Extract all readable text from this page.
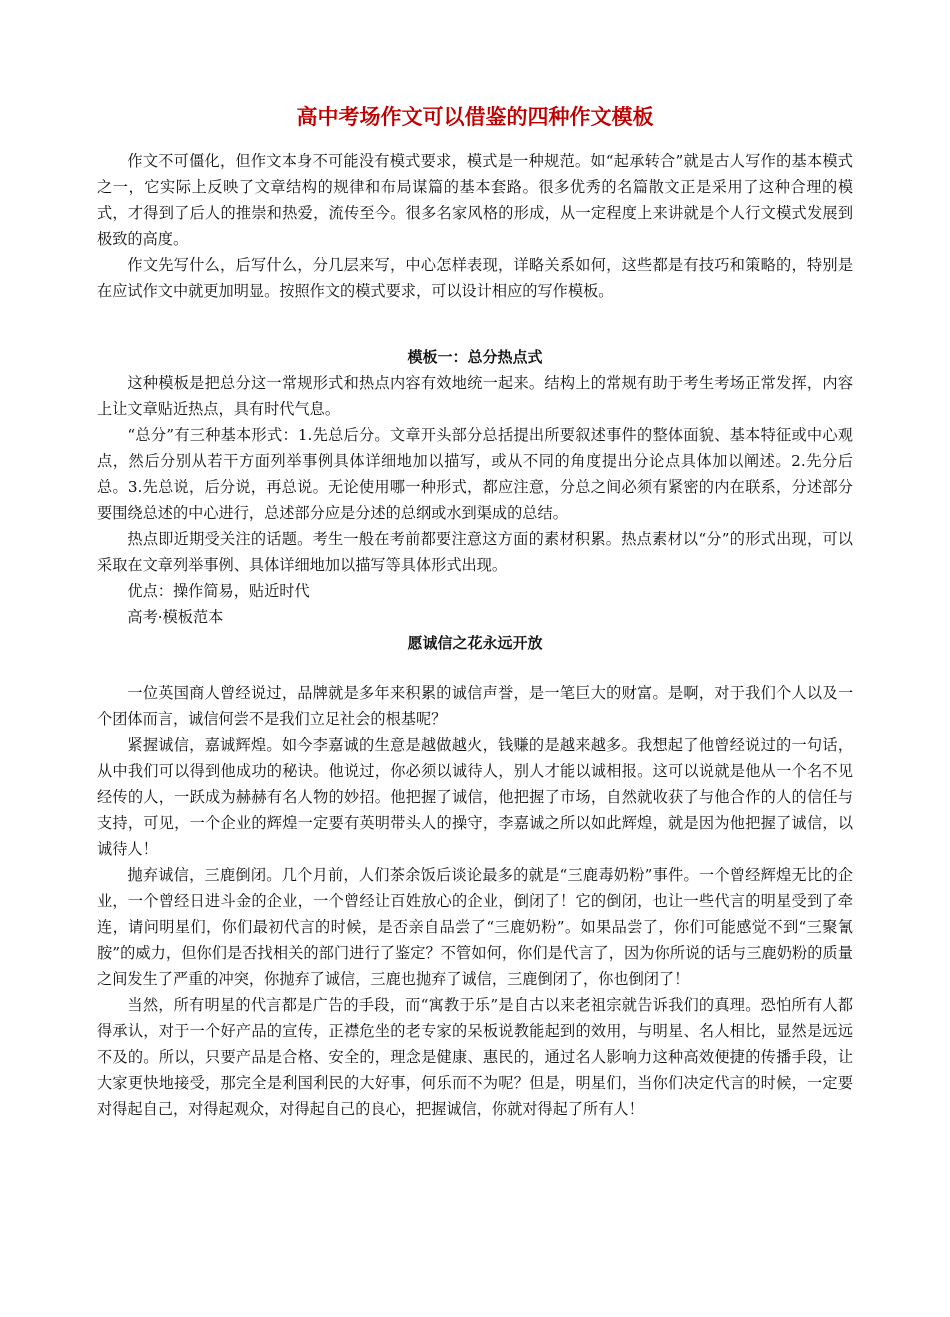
高中考场作文可以借鉴的四种作文模板

作文不可僵化，但作文本身不可能没有模式要求，模式是一种规范。如“起承转合”就是古人写作的基本模式之一，它实际上反映了文章结构的规律和布局谋篇的基本套路。很多优秀的名篇散文正是采用了这种合理的模式，才得到了后人的推崇和热爱，流传至今。很多名家风格的形成，从一定程度上来讲就是个人行文模式发展到极致的高度。

作文先写什么，后写什么，分几层来写，中心怎样表现，详略关系如何，这些都是有技巧和策略的，特别是在应试作文中就更加明显。按照作文的模式要求，可以设计相应的写作模板。

模板一：总分热点式

这种模板是把总分这一常规形式和热点内容有效地统一起来。结构上的常规有助于考生考场正常发挥，内容上让文章贴近热点，具有时代气息。

“总分”有三种基本形式：1.先总后分。文章开头部分总括提出所要叙述事件的整体面貌、基本特征或中心观点，然后分别从若干方面列举事例具体详细地加以描写，或从不同的角度提出分论点具体加以阐述。2.先分后总。3.先总说，后分说，再总说。无论使用哪一种形式，都应注意，分总之间必须有紧密的内在联系，分述部分要围绕总述的中心进行，总述部分应是分述的总纲或水到渠成的总结。

热点即近期受关注的话题。考生一般在考前都要注意这方面的素材积累。热点素材以“分”的形式出现，可以采取在文章列举事例、具体详细地加以描写等具体形式出现。

优点：操作简易，贴近时代

高考·模板范本

愿诚信之花永远开放

一位英国商人曾经说过，品牌就是多年来积累的诚信声誉，是一笔巨大的财富。是啊，对于我们个人以及一个团体而言，诚信何尝不是我们立足社会的根基呢？

紧握诚信，嘉诚辉煌。如今李嘉诚的生意是越做越火，钱赚的是越来越多。我想起了他曾经说过的一句话，从中我们可以得到他成功的秘诀。他说过，你必须以诚待人，别人才能以诚相报。这可以说就是他从一个名不见经传的人，一跃成为赫赫有名人物的妙招。他把握了诚信，他把握了市场，自然就收获了与他合作的人的信任与支持，可见，一个企业的辉煌一定要有英明带头人的操守，李嘉诚之所以如此辉煌，就是因为他把握了诚信，以诚待人！

抛弃诚信，三鹿倒闭。几个月前，人们茶余饭后谈论最多的就是“三鹿毒奶粉”事件。一个曾经辉煌无比的企业，一个曾经日进斗金的企业，一个曾经让百姓放心的企业，倒闭了！它的倒闭，也让一些代言的明星受到了牵连，请问明星们，你们最初代言的时候，是否亲自品尝了“三鹿奶粉”。如果品尝了，你们可能感觉不到“三聚氰胺”的威力，但你们是否找相关的部门进行了鉴定？不管如何，你们是代言了，因为你所说的话与三鹿奶粉的质量之间发生了严重的冲突，你抛弃了诚信，三鹿也抛弃了诚信，三鹿倒闭了，你也倒闭了！

当然，所有明星的代言都是广告的手段，而“寓教于乐”是自古以来老祖宗就告诉我们的真理。恐怕所有人都得承认，对于一个好产品的宣传，正襟危坐的老专家的呆板说教能起到的效用，与明星、名人相比，显然是远远不及的。所以，只要产品是合格、安全的，理念是健康、惠民的，通过名人影响力这种高效便捷的传播手段，让大家更快地接受，那完全是利国利民的大好事，何乐而不为呢？但是，明星们，当你们决定代言的时候，一定要对得起自己，对得起观众，对得起自己的良心，把握诚信，你就对得起了所有人！
